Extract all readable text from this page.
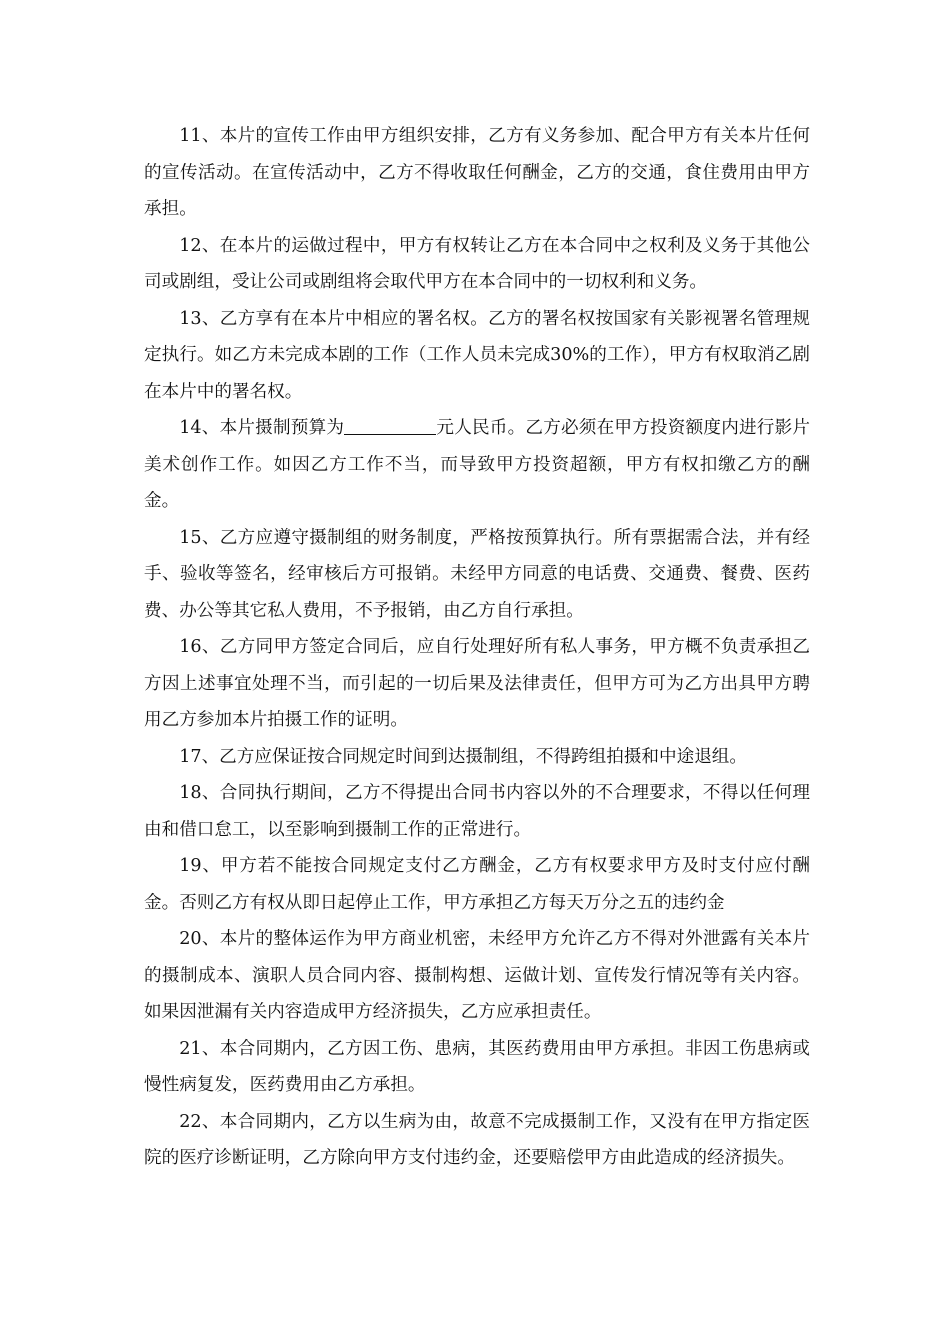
11、本片的宣传工作由甲方组织安排，乙方有义务参加、配合甲方有关本片任何的宣传活动。在宣传活动中，乙方不得收取任何酬金，乙方的交通，食住费用由甲方承担。

12、在本片的运做过程中，甲方有权转让乙方在本合同中之权利及义务于其他公司或剧组，受让公司或剧组将会取代甲方在本合同中的一切权利和义务。

13、乙方享有在本片中相应的署名权。乙方的署名权按国家有关影视署名管理规定执行。如乙方未完成本剧的工作（工作人员未完成30%的工作），甲方有权取消乙剧在本片中的署名权。

14、本片摄制预算为	元人民币。乙方必须在甲方投资额度内进行影片美术创作工作。如因乙方工作不当，而导致甲方投资超额，甲方有权扣缴乙方的酬金。

15、乙方应遵守摄制组的财务制度，严格按预算执行。所有票据需合法，并有经手、验收等签名，经审核后方可报销。未经甲方同意的电话费、交通费、餐费、医药费、办公等其它私人费用，不予报销，由乙方自行承担。

16、乙方同甲方签定合同后，应自行处理好所有私人事务，甲方概不负责承担乙方因上述事宜处理不当，而引起的一切后果及法律责任，但甲方可为乙方出具甲方聘用乙方参加本片拍摄工作的证明。

17、乙方应保证按合同规定时间到达摄制组，不得跨组拍摄和中途退组。

18、合同执行期间，乙方不得提出合同书内容以外的不合理要求，不得以任何理由和借口怠工，以至影响到摄制工作的正常进行。

19、甲方若不能按合同规定支付乙方酬金，乙方有权要求甲方及时支付应付酬金。否则乙方有权从即日起停止工作，甲方承担乙方每天万分之五的违约金

20、本片的整体运作为甲方商业机密，未经甲方允许乙方不得对外泄露有关本片的摄制成本、演职人员合同内容、摄制构想、运做计划、宣传发行情况等有关内容。如果因泄漏有关内容造成甲方经济损失，乙方应承担责任。

21、本合同期内，乙方因工伤、患病，其医药费用由甲方承担。非因工伤患病或慢性病复发，医药费用由乙方承担。

22、本合同期内，乙方以生病为由，故意不完成摄制工作，又没有在甲方指定医院的医疗诊断证明，乙方除向甲方支付违约金，还要赔偿甲方由此造成的经济损失。
